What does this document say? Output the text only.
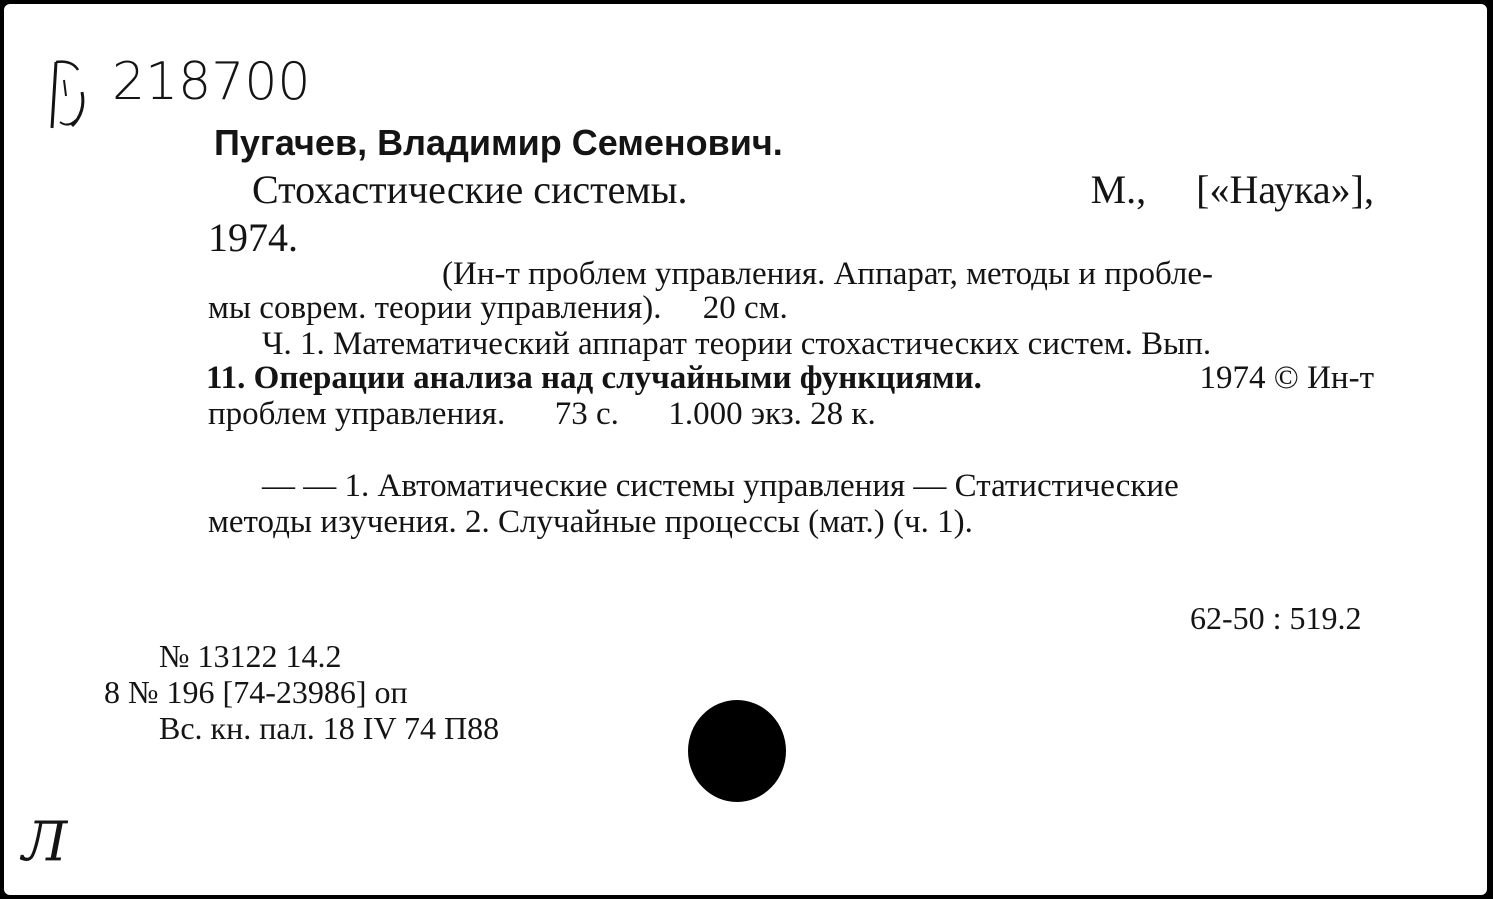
218700
Пугачев, Владимир Семенович.
Стохастические системы.	М., [«Наука»],
1974.
(Ин-т проблем управления. Аппарат, методы и пробле-
мы соврем. теории управления). 20 см.
Ч. 1. Математический аппарат теории стохастических систем. Вып.
11. Операции анализа над случайными функциями.	1974 © Ин-т
проблем управления. 73 с. 1.000 экз. 28 к.
— — 1. Автоматические системы управления — Статистические
методы изучения. 2. Случайные процессы (мат.) (ч. 1).
62-50 : 519.2
№ 13122 14.2
8 № 196 [74-23986] оп
Вс. кн. пал. 18 IV 74 П88
Л
